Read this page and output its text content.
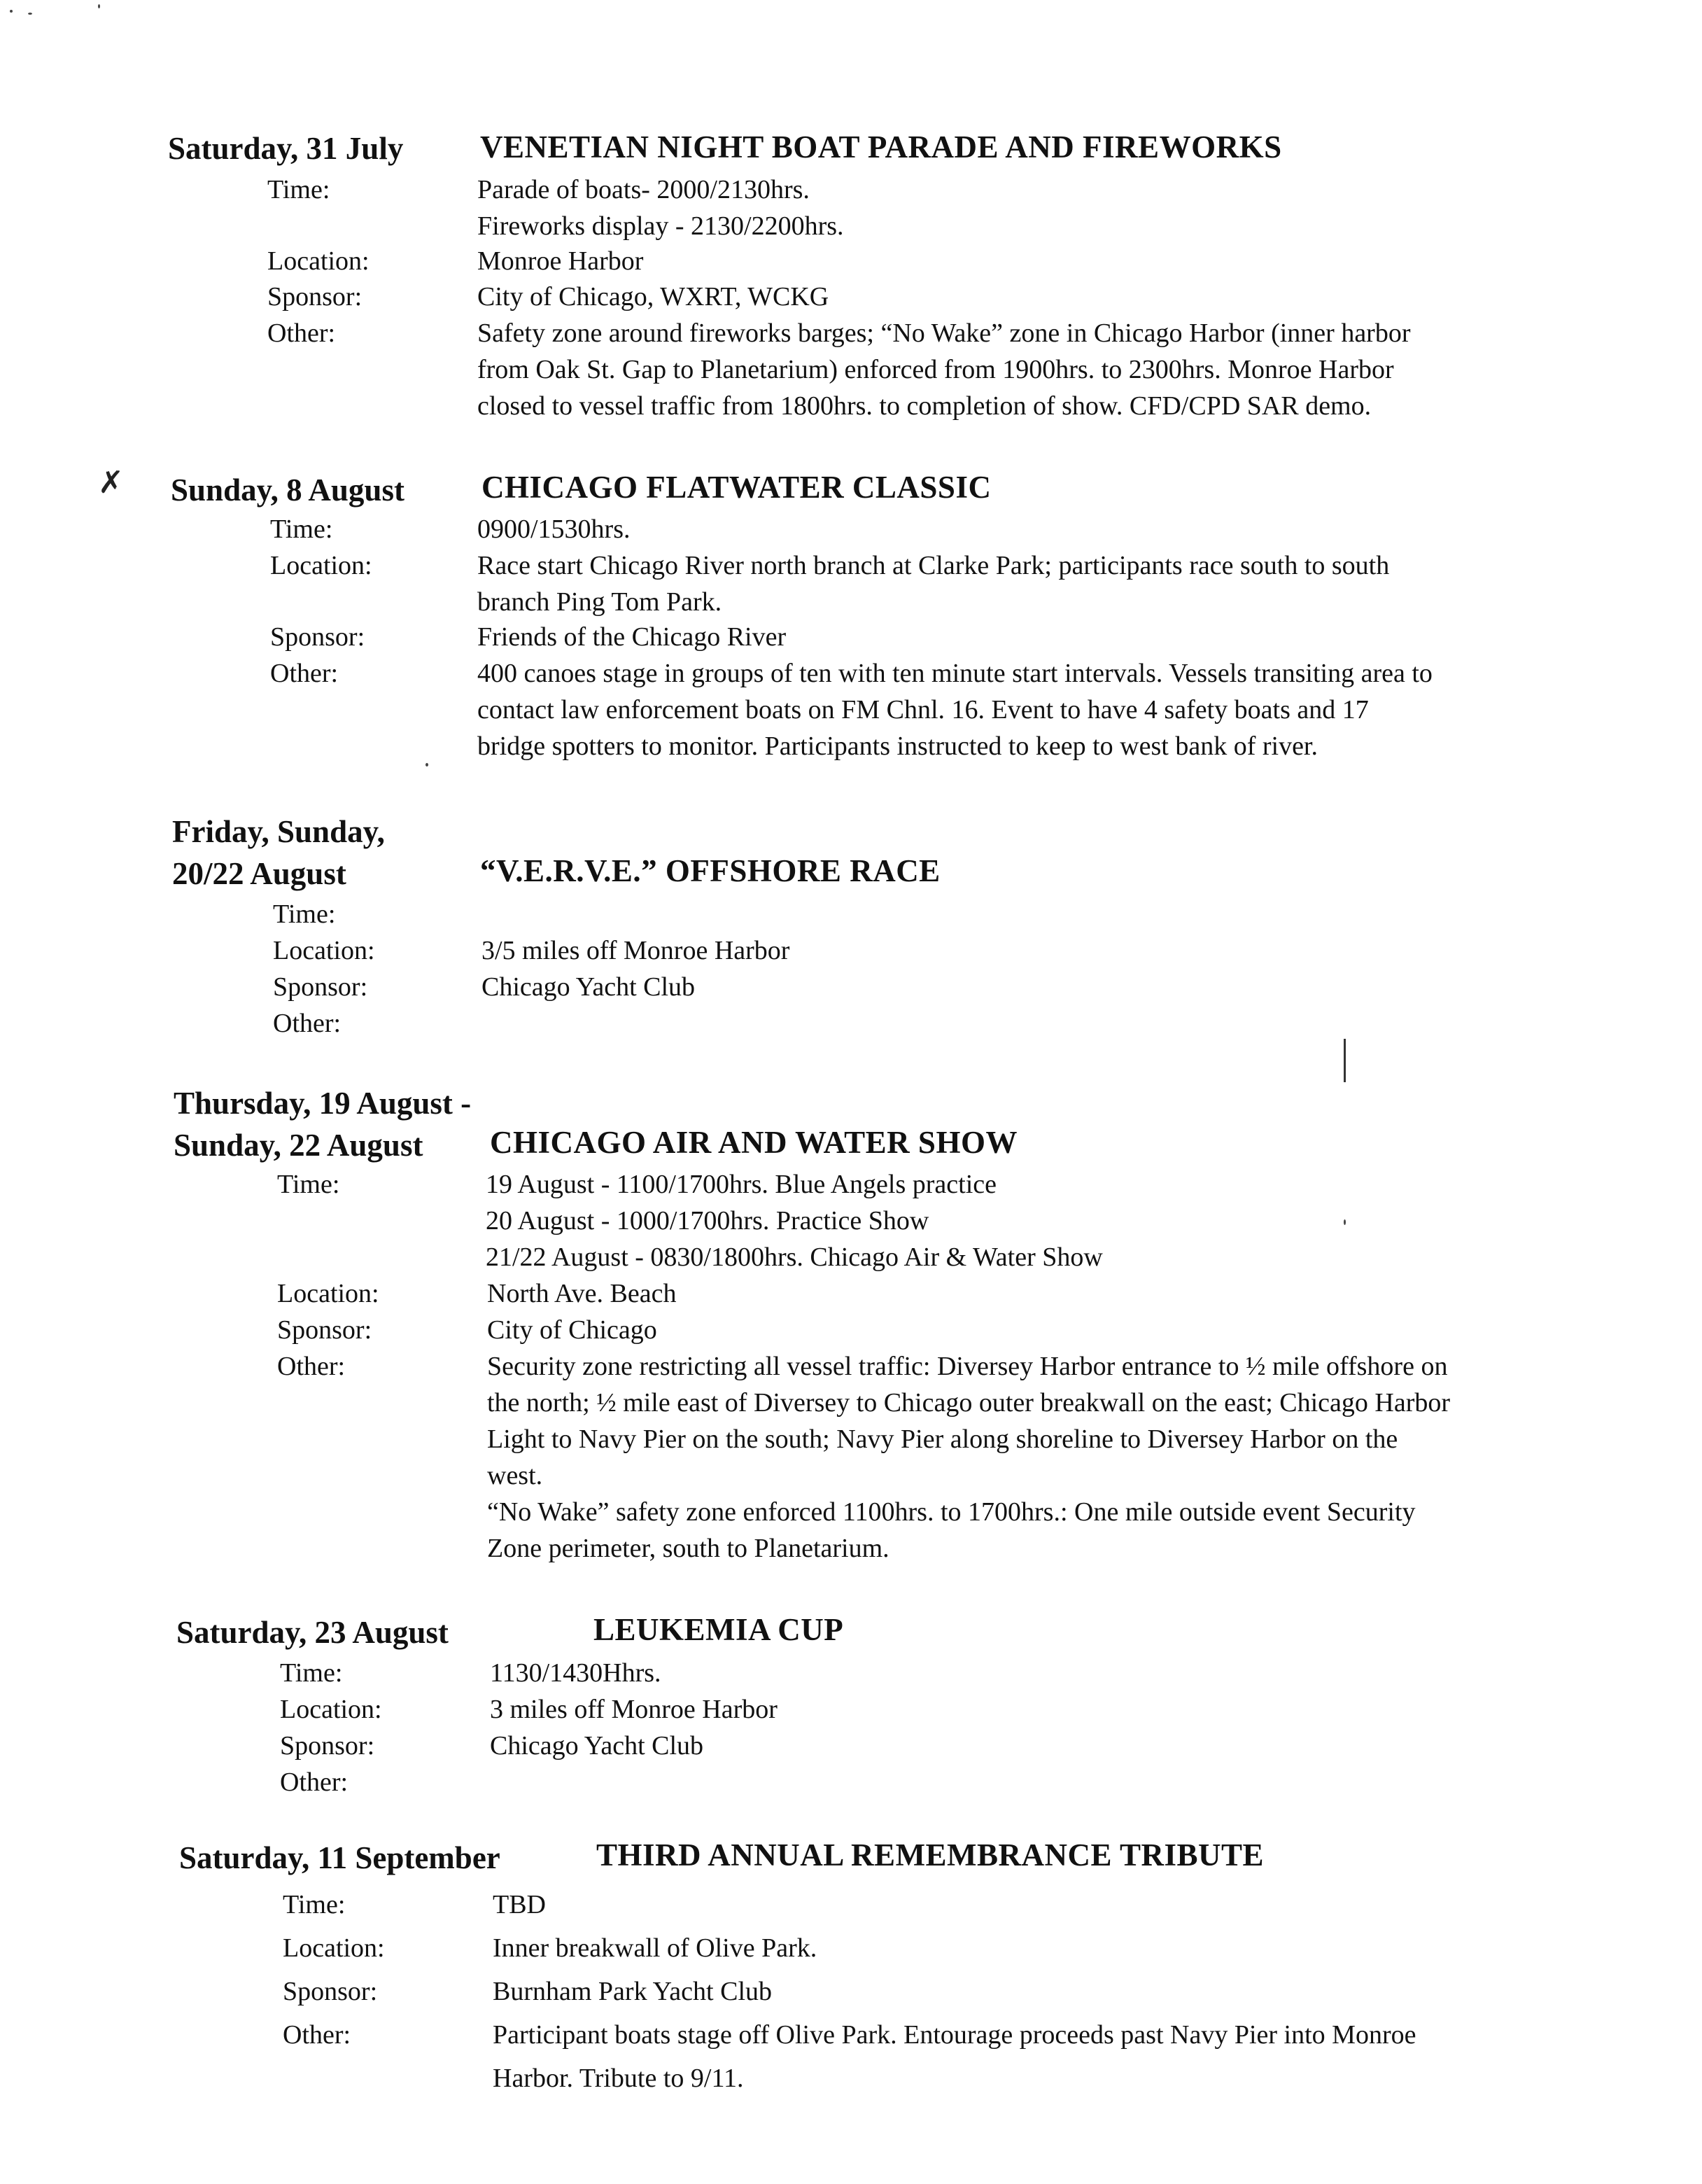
Saturday, 31 July VENETIAN NIGHT BOAT PARADE AND FIREWORKS
Time:	Parade of boats- 2000/2130hrs.
Fireworks display - 2130/2200hrs.
Location:	Monroe Harbor
Sponsor:	City of Chicago, WXRT, WCKG
Other:	Safety zone around fireworks barges; “No Wake” zone in Chicago Harbor (inner harbor
from Oak St. Gap to Planetarium) enforced from 1900hrs. to 2300hrs. Monroe Harbor
closed to vessel traffic from 1800hrs. to completion of show. CFD/CPD SAR demo.
✗ Sunday, 8 August CHICAGO FLATWATER CLASSIC
Time:	0900/1530hrs.
Location:	Race start Chicago River north branch at Clarke Park; participants race south to south
branch Ping Tom Park.
Sponsor:	Friends of the Chicago River
Other:	400 canoes stage in groups of ten with ten minute start intervals. Vessels transiting area to
contact law enforcement boats on FM Chnl. 16. Event to have 4 safety boats and 17
bridge spotters to monitor. Participants instructed to keep to west bank of river.
Friday, Sunday,
20/22 August	“V.E.R.V.E.” OFFSHORE RACE
Time:
Location:	3/5 miles off Monroe Harbor
Sponsor:	Chicago Yacht Club
Other:
Thursday, 19 August -
Sunday, 22 August	CHICAGO AIR AND WATER SHOW
Time:	19 August - 1100/1700hrs. Blue Angels practice
20 August - 1000/1700hrs. Practice Show
21/22 August - 0830/1800hrs. Chicago Air & Water Show
Location:	North Ave. Beach
Sponsor:	City of Chicago
Other:	Security zone restricting all vessel traffic: Diversey Harbor entrance to ½ mile offshore on
the north; ½ mile east of Diversey to Chicago outer breakwall on the east; Chicago Harbor
Light to Navy Pier on the south; Navy Pier along shoreline to Diversey Harbor on the
west.
“No Wake” safety zone enforced 1100hrs. to 1700hrs.: One mile outside event Security
Zone perimeter, south to Planetarium.
Saturday, 23 August	LEUKEMIA CUP
Time:	1130/1430Hhrs.
Location:	3 miles off Monroe Harbor
Sponsor:	Chicago Yacht Club
Other:
Saturday, 11 September	THIRD ANNUAL REMEMBRANCE TRIBUTE
Time:	TBD
Location:	Inner breakwall of Olive Park.
Sponsor:	Burnham Park Yacht Club
Other:	Participant boats stage off Olive Park. Entourage proceeds past Navy Pier into Monroe
Harbor. Tribute to 9/11.
